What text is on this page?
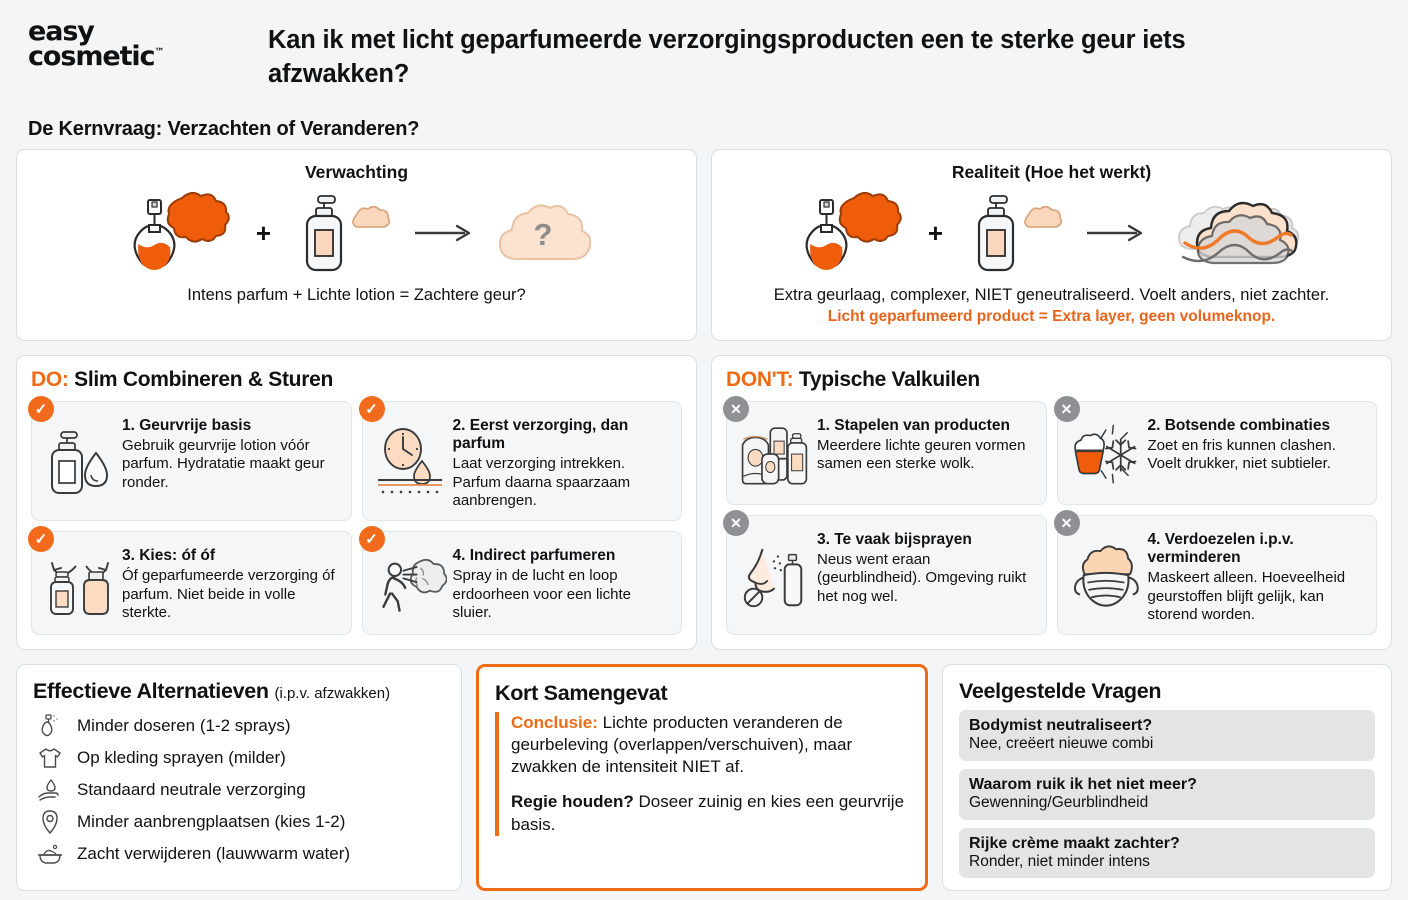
easy
cosmetic™	Kan ik met licht geparfumeerde verzorgingsproducten een te sterke geur iets afzwakken?
De Kernvraag: Verzachten of Veranderen?
Verwachting
+	?
Intens parfum + Lichte lotion = Zachtere geur?
Realiteit (Hoe het werkt)
+
Extra geurlaag, complexer, NIET geneutraliseerd. Voelt anders, niet zachter.
Licht geparfumeerd product = Extra layer, geen volumeknop.
DO: Slim Combineren & Sturen
✓
1. Geurvrije basis
Gebruik geurvrije lotion vóór parfum. Hydratatie maakt geur ronder.
✓
2. Eerst verzorging, dan parfum
Laat verzorging intrekken. Parfum daarna spaarzaam aanbrengen.
✓
3. Kies: óf óf
Óf geparfumeerde verzorging óf parfum. Niet beide in volle sterkte.
✓
4. Indirect parfumeren
Spray in de lucht en loop erdoorheen voor een lichte sluier.
DON'T: Typische Valkuilen
✕
1. Stapelen van producten
Meerdere lichte geuren vormen samen een sterke wolk.
✕
2. Botsende combinaties
Zoet en fris kunnen clashen. Voelt drukker, niet subtieler.
✕
3. Te vaak bijsprayen
Neus went eraan (geurblindheid). Omgeving ruikt het nog wel.
✕
4. Verdoezelen i.p.v. verminderen
Maskeert alleen. Hoeveelheid geurstoffen blijft gelijk, kan storend worden.
Effectieve Alternatieven (i.p.v. afzwakken)
Minder doseren (1-2 sprays)
Op kleding sprayen (milder)
Standaard neutrale verzorging
Minder aanbrengplaatsen (kies 1-2)
Zacht verwijderen (lauwwarm water)
Kort Samengevat

Conclusie: Lichte producten veranderen de geurbeleving (overlappen/verschuiven), maar zwakken de intensiteit NIET af.

Regie houden? Doseer zuinig en kies een geurvrije basis.

Veelgestelde Vragen
Bodymist neutraliseert?
Nee, creëert nieuwe combi
Waarom ruik ik het niet meer?
Gewenning/Geurblindheid
Rijke crème maakt zachter?
Ronder, niet minder intens
